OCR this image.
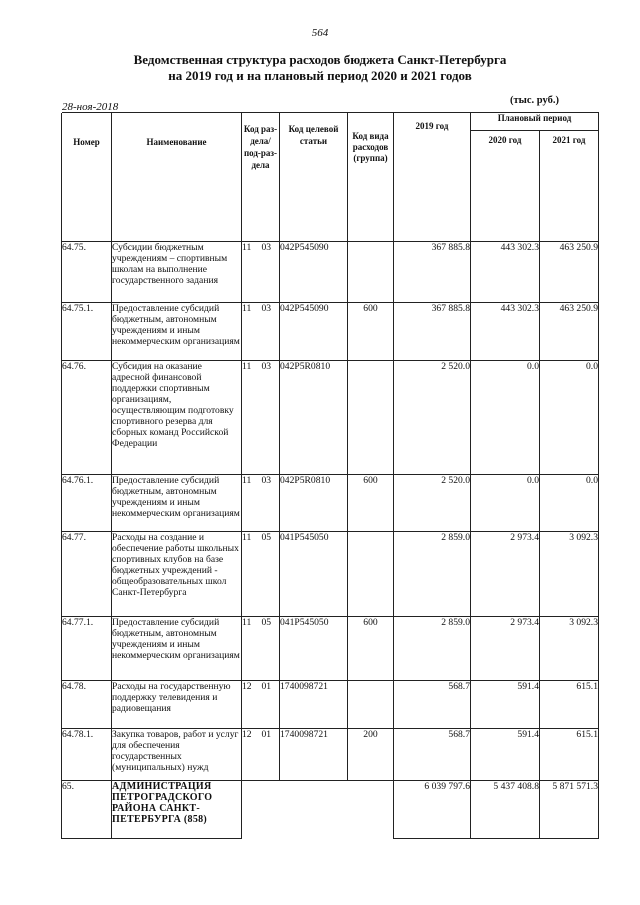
564
Ведомственная структура расходов бюджета Санкт-Петербурга
на 2019 год и на плановый период 2020 и 2021 годов
28-ноя-2018
(тыс. руб.)

Номер	Наименование	Код раз-дела/ под-раз-дела		Код целевой статьи	Код вида расходов (группа)	2019 год	Плановый период	
							2020 год	2021 год
64.75.	Субсидии бюджетным учреждениям – спортивным школам на выполнение государственного задания	11	03	042P545090		367 885.8	443 302.3	463 250.9
64.75.1.	Предоставление субсидий бюджетным, автономным учреждениям и иным некоммерческим организациям	11	03	042P545090	600	367 885.8	443 302.3	463 250.9
64.76.	Субсидия на оказание адресной финансовой поддержки спортивным организациям, осуществляющим подготовку спортивного резерва для сборных команд Российской Федерации	11	03	042P5R0810		2 520.0	0.0	0.0
64.76.1.	Предоставление субсидий бюджетным, автономным учреждениям и иным некоммерческим организациям	11	03	042P5R0810	600	2 520.0	0.0	0.0
64.77.	Расходы на создание и обеспечение работы школьных спортивных клубов на базе бюджетных учреждений - общеобразовательных школ Санкт-Петербурга	11	05	041P545050		2 859.0	2 973.4	3 092.3
64.77.1.	Предоставление субсидий бюджетным, автономным учреждениям и иным некоммерческим организациям	11	05	041P545050	600	2 859.0	2 973.4	3 092.3
64.78.	Расходы на государственную поддержку телевидения и радиовещания	12	01	1740098721		568.7	591.4	615.1
64.78.1.	Закупка товаров, работ и услуг для обеспечения государственных (муниципальных) нужд	12	01	1740098721	200	568.7	591.4	615.1
65.	АДМИНИСТРАЦИЯ ПЕТРОГРАДСКОГО РАЙОНА САНКТ-ПЕТЕРБУРГА (858)					6 039 797.6	5 437 408.8	5 871 571.3
